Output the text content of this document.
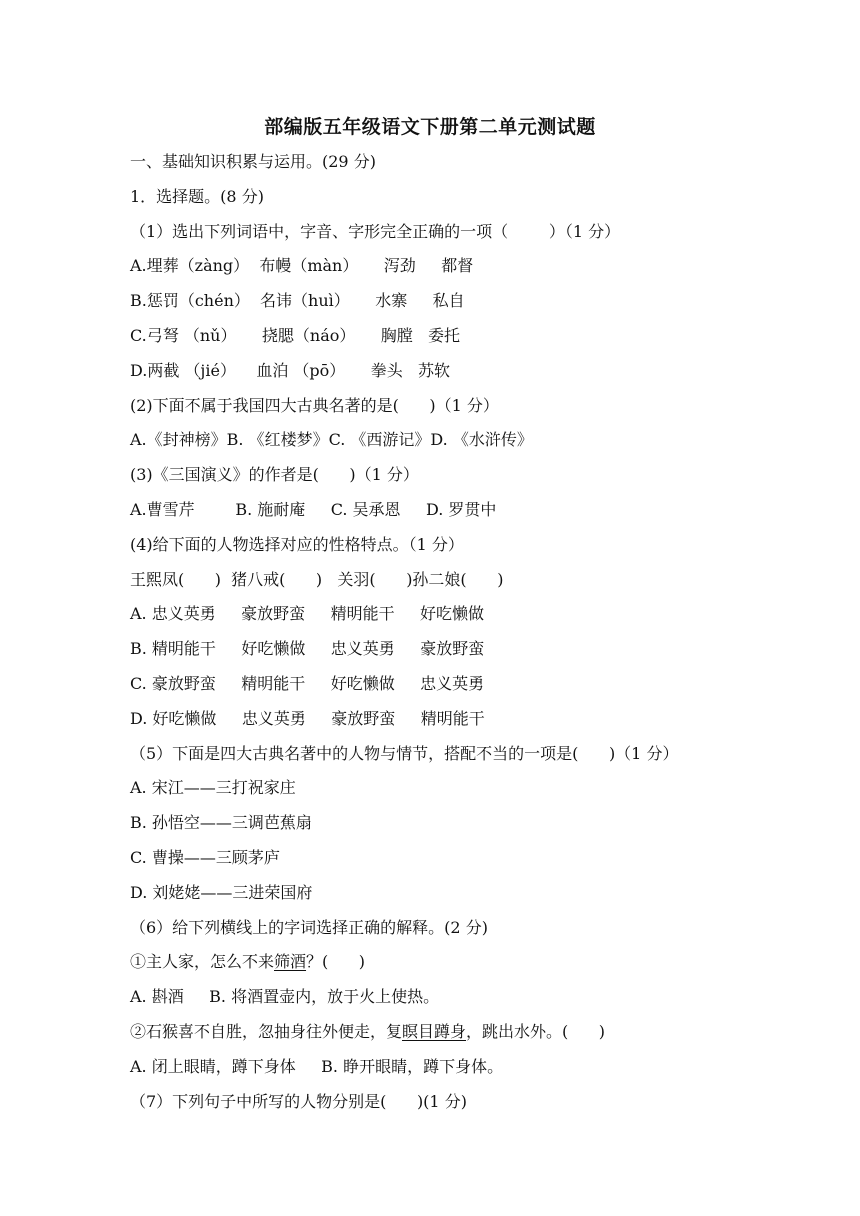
部编版五年级语文下册第二单元测试题
一、基础知识积累与运用。(29 分)
1．选择题。(8 分)
（1）选出下列词语中，字音、字形完全正确的一项（        ）（1 分）
A.埋葬（zàng）  布幔（màn）     泻劲     都督
B.惩罚（chén）  名讳（huì）     水寨     私自
C.弓弩 （nǔ）     挠腮（náo）     胸膛   委托
D.两截 （jié）    血泊 （pō）     拳头   苏软
(2)下面不属于我国四大古典名著的是(      )（1 分）
A.《封神榜》B. 《红楼梦》C. 《西游记》D. 《水浒传》
(3)《三国演义》的作者是(      )（1 分）
A.曹雪芹        B. 施耐庵     C. 吴承恩     D. 罗贯中
(4)给下面的人物选择对应的性格特点。（1 分）
王熙凤(      )  猪八戒(      )   关羽(      )孙二娘(      )
A. 忠义英勇     豪放野蛮     精明能干     好吃懒做
B. 精明能干     好吃懒做     忠义英勇     豪放野蛮
C. 豪放野蛮     精明能干     好吃懒做     忠义英勇
D. 好吃懒做     忠义英勇     豪放野蛮     精明能干
（5）下面是四大古典名著中的人物与情节，搭配不当的一项是(      )（1 分）
A. 宋江——三打祝家庄
B. 孙悟空——三调芭蕉扇
C. 曹操——三顾茅庐
D. 刘姥姥——三进荣国府
（6）给下列横线上的字词选择正确的解释。(2 分)
①主人家，怎么不来筛酒？(      )
A. 斟酒     B. 将酒置壶内，放于火上使热。
②石猴喜不自胜，忽抽身往外便走，复瞑目蹲身，跳出水外。(      )
A. 闭上眼睛，蹲下身体     B. 睁开眼睛，蹲下身体。
（7）下列句子中所写的人物分别是(      )(1 分)
